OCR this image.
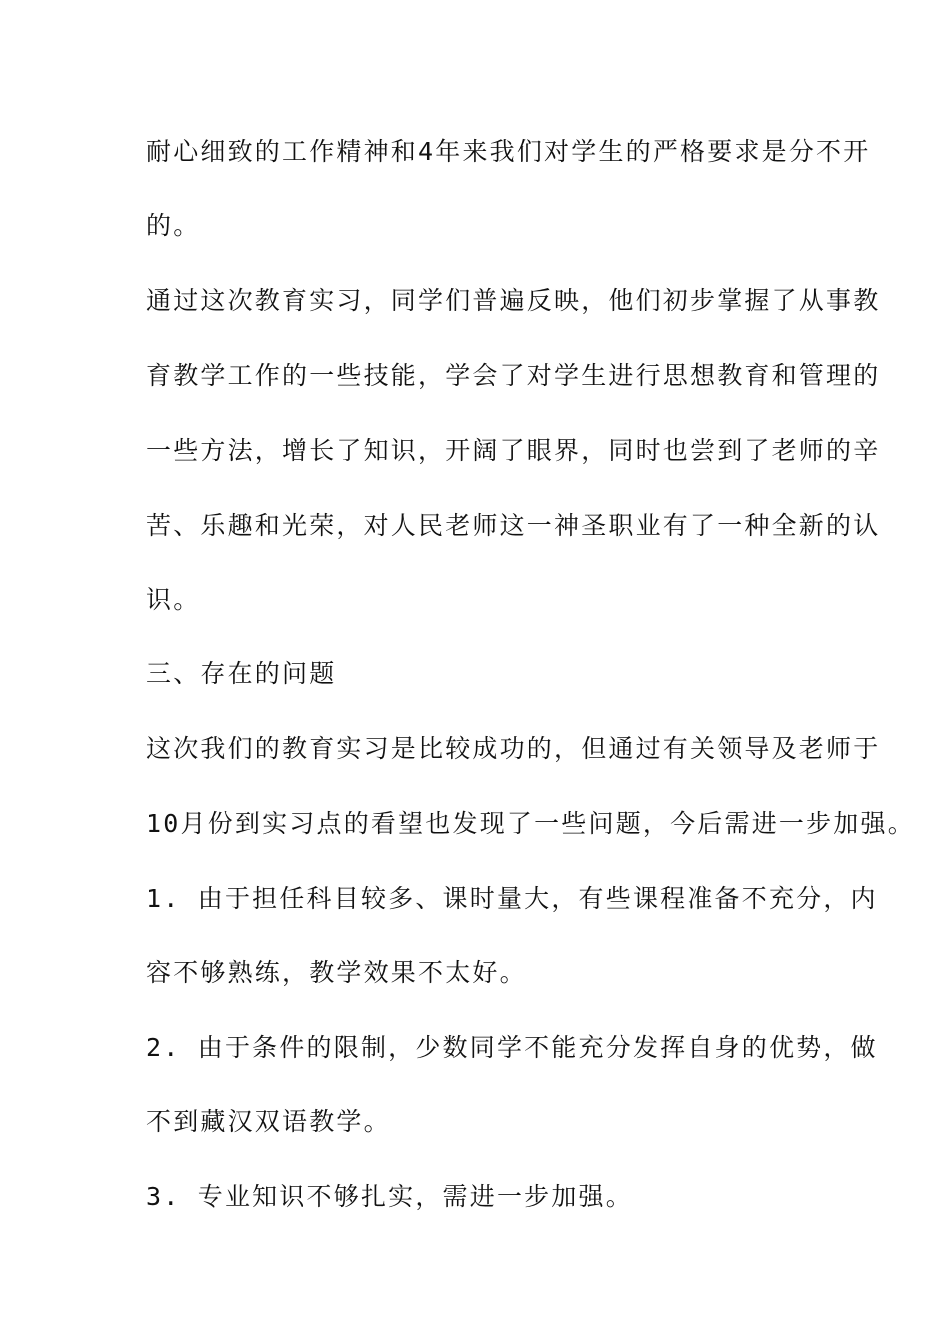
耐心细致的工作精神和4年来我们对学生的严格要求是分不开
的。
通过这次教育实习，同学们普遍反映，他们初步掌握了从事教
育教学工作的一些技能，学会了对学生进行思想教育和管理的
一些方法，增长了知识，开阔了眼界，同时也尝到了老师的辛
苦、乐趣和光荣，对人民老师这一神圣职业有了一种全新的认
识。
三、存在的问题
这次我们的教育实习是比较成功的，但通过有关领导及老师于
10月份到实习点的看望也发现了一些问题，今后需进一步加强。
1. 由于担任科目较多、课时量大，有些课程准备不充分，内
容不够熟练，教学效果不太好。
2. 由于条件的限制，少数同学不能充分发挥自身的优势，做
不到藏汉双语教学。
3. 专业知识不够扎实，需进一步加强。
